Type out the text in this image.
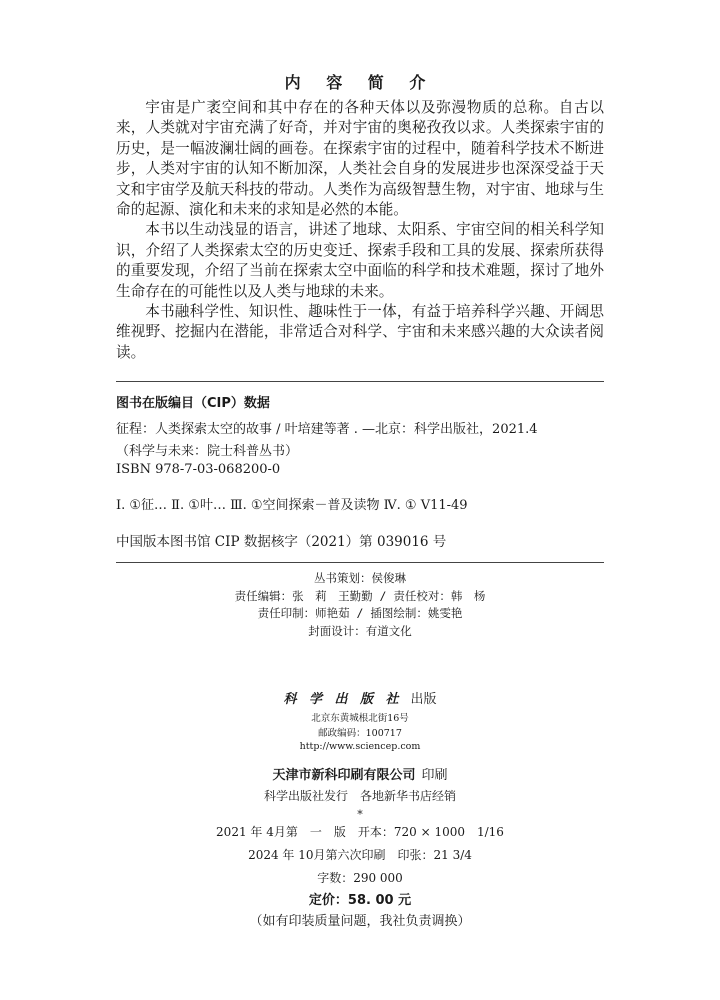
内 容 简 介

宇宙是广袤空间和其中存在的各种天体以及弥漫物质的总称。自古以来，人类就对宇宙充满了好奇，并对宇宙的奥秘孜孜以求。人类探索宇宙的历史，是一幅波澜壮阔的画卷。在探索宇宙的过程中，随着科学技术不断进步，人类对宇宙的认知不断加深，人类社会自身的发展进步也深深受益于天文和宇宙学及航天科技的带动。人类作为高级智慧生物，对宇宙、地球与生命的起源、演化和未来的求知是必然的本能。

本书以生动浅显的语言，讲述了地球、太阳系、宇宙空间的相关科学知识，介绍了人类探索太空的历史变迁、探索手段和工具的发展、探索所获得的重要发现，介绍了当前在探索太空中面临的科学和技术难题，探讨了地外生命存在的可能性以及人类与地球的未来。

本书融科学性、知识性、趣味性于一体，有益于培养科学兴趣、开阔思维视野、挖掘内在潜能，非常适合对科学、宇宙和未来感兴趣的大众读者阅读。

图书在版编目（CIP）数据
征程：人类探索太空的故事 / 叶培建等著 . —北京：科学出版社，2021.4
（科学与未来：院士科普丛书）
ISBN 978-7-03-068200-0
Ⅰ. ①征… Ⅱ. ①叶… Ⅲ. ①空间探索－普及读物 Ⅳ. ① V11-49
中国版本图书馆 CIP 数据核字（2021）第 039016 号
丛书策划：侯俊琳
责任编辑：张　莉　王勤勤 / 责任校对：韩　杨
责任印制：师艳茹 / 插图绘制：姚雯艳
封面设计：有道文化
科 学 出 版 社 出版
北京东黄城根北街16号
邮政编码：100717
http://www.sciencep.com
天津市新科印刷有限公司 印刷
科学出版社发行　各地新华书店经销
*
2021 年 4月第　一　版　开本：720 × 1000　1/16
2024 年 10月第六次印刷　印张：21 3/4
字数：290 000
定价：58. 00 元
（如有印装质量问题，我社负责调换）
